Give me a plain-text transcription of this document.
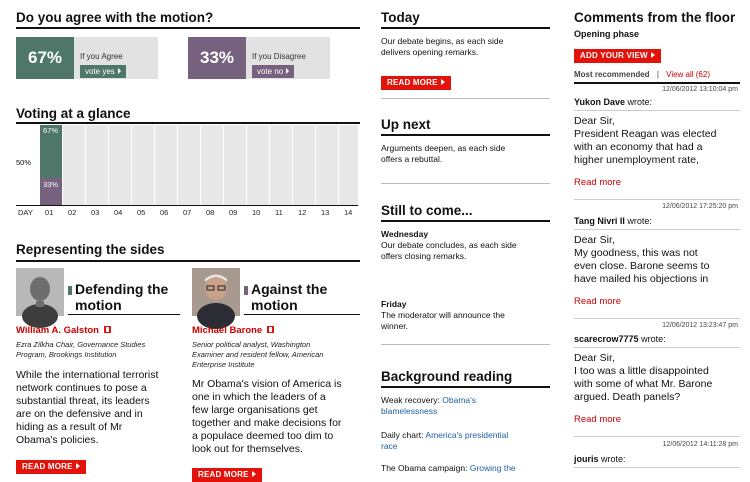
Do you agree with the motion?
67%	If you Agree
vote yes
33%	If you Disagree
vote no
Voting at a glance
50%
67%
33%
DAY 01 02 03 04 05 06 07 08 09 10 11 12 13 14
Representing the sides
Defending the
motion
William A. Galston
Ezra Zilkha Chair, Governance Studies
Program, Brookings Institution
While the international terrorist
network continues to pose a
substantial threat, its leaders
are on the defensive and in
hiding as a result of Mr
Obama's policies.
READ MORE
Against the
motion
Michael Barone
Senior political analyst, Washington
Examiner and resident fellow, American
Enterprise Institute
Mr Obama's vision of America is
one in which the leaders of a
few large organisations get
together and make decisions for
a populace deemed too dim to
look out for themselves.
READ MORE
Today
Our debate begins, as each side
delivers opening remarks.
READ MORE
Up next
Arguments deepen, as each side
offers a rebuttal.
Still to come...
Wednesday
Our debate concludes, as each side
offers closing remarks.
Friday
The moderator will announce the
winner.
Background reading
Weak recovery: Obama's
blamelessness
Daily chart: America's presidential
race
The Obama campaign: Growing the
Comments from the floor
Opening phase
ADD YOUR VIEW
Most recommended | View all (62)
12/06/2012 13:10:04 pm
Yukon Dave wrote:
Dear Sir,
President Reagan was elected
with an economy that had a
higher unemployment rate,
Read more
12/06/2012 17:25:20 pm
Tang Nivri II wrote:
Dear Sir,
My goodness, this was not
even close. Barone seems to
have mailed his objections in
Read more
12/06/2012 13:23:47 pm
scarecrow7775 wrote:
Dear Sir,
I too was a little disappointed
with some of what Mr. Barone
argued. Death panels?
Read more
12/06/2012 14:11:28 pm
jouris wrote:
